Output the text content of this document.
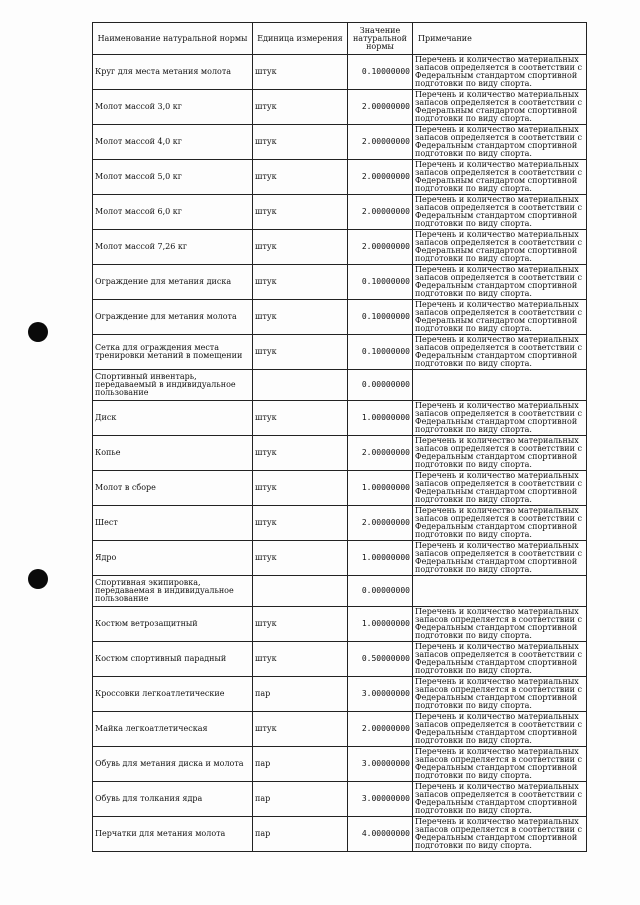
Наименование натуральной нормы	Единица измерения	Значение натуральной нормы	Примечание
Круг для места метания молота	штук	0.10000000	Перечень и количество материальных запасов определяется в соответствии с Федеральным стандартом спортивной подготовки по виду спорта.
Молот массой 3,0 кг	штук	2.00000000	Перечень и количество материальных запасов определяется в соответствии с Федеральным стандартом спортивной подготовки по виду спорта.
Молот массой 4,0 кг	штук	2.00000000	Перечень и количество материальных запасов определяется в соответствии с Федеральным стандартом спортивной подготовки по виду спорта.
Молот массой 5,0 кг	штук	2.00000000	Перечень и количество материальных запасов определяется в соответствии с Федеральным стандартом спортивной подготовки по виду спорта.
Молот массой 6,0 кг	штук	2.00000000	Перечень и количество материальных запасов определяется в соответствии с Федеральным стандартом спортивной подготовки по виду спорта.
Молот массой 7,26 кг	штук	2.00000000	Перечень и количество материальных запасов определяется в соответствии с Федеральным стандартом спортивной подготовки по виду спорта.
Ограждение для метания диска	штук	0.10000000	Перечень и количество материальных запасов определяется в соответствии с Федеральным стандартом спортивной подготовки по виду спорта.
Ограждение для метания молота	штук	0.10000000	Перечень и количество материальных запасов определяется в соответствии с Федеральным стандартом спортивной подготовки по виду спорта.
Сетка для ограждения места тренировки метаний в помещении	штук	0.10000000	Перечень и количество материальных запасов определяется в соответствии с Федеральным стандартом спортивной подготовки по виду спорта.
Спортивный инвентарь, передаваемый в индивидуальное пользование		0.00000000	
Диск	штук	1.00000000	Перечень и количество материальных запасов определяется в соответствии с Федеральным стандартом спортивной подготовки по виду спорта.
Копье	штук	2.00000000	Перечень и количество материальных запасов определяется в соответствии с Федеральным стандартом спортивной подготовки по виду спорта.
Молот в сборе	штук	1.00000000	Перечень и количество материальных запасов определяется в соответствии с Федеральным стандартом спортивной подготовки по виду спорта.
Шест	штук	2.00000000	Перечень и количество материальных запасов определяется в соответствии с Федеральным стандартом спортивной подготовки по виду спорта.
Ядро	штук	1.00000000	Перечень и количество материальных запасов определяется в соответствии с Федеральным стандартом спортивной подготовки по виду спорта.
Спортивная экипировка, передаваемая в индивидуальное пользование		0.00000000	
Костюм ветрозащитный	штук	1.00000000	Перечень и количество материальных запасов определяется в соответствии с Федеральным стандартом спортивной подготовки по виду спорта.
Костюм спортивный парадный	штук	0.50000000	Перечень и количество материальных запасов определяется в соответствии с Федеральным стандартом спортивной подготовки по виду спорта.
Кроссовки легкоатлетические	пар	3.00000000	Перечень и количество материальных запасов определяется в соответствии с Федеральным стандартом спортивной подготовки по виду спорта.
Майка легкоатлетическая	штук	2.00000000	Перечень и количество материальных запасов определяется в соответствии с Федеральным стандартом спортивной подготовки по виду спорта.
Обувь для метания диска и молота	пар	3.00000000	Перечень и количество материальных запасов определяется в соответствии с Федеральным стандартом спортивной подготовки по виду спорта.
Обувь для толкания ядра	пар	3.00000000	Перечень и количество материальных запасов определяется в соответствии с Федеральным стандартом спортивной подготовки по виду спорта.
Перчатки для метания молота	пар	4.00000000	Перечень и количество материальных запасов определяется в соответствии с Федеральным стандартом спортивной подготовки по виду спорта.
